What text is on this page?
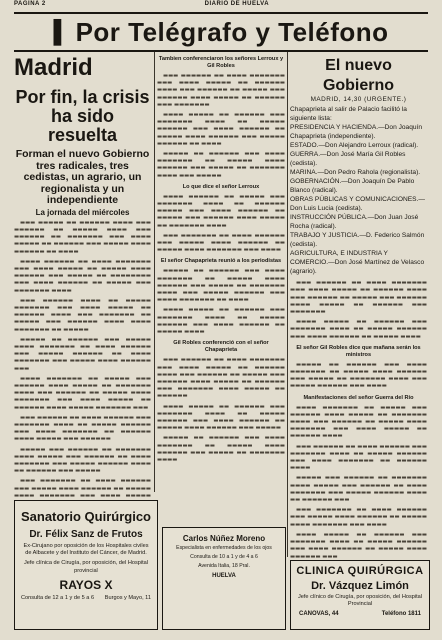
PAGINA 2	DIARIO DE HUELVA
▌ Por Telégrafo y Teléfono
Madrid
Por fin, la crisis ha sido resuelta
Forman el nuevo Gobierno tres radicales, tres cedistas, un agrario, un regionalista y un independiente
La jornada del miércoles

▬▬▬ ▬▬▬▬▬ ▬▬ ▬▬▬▬▬▬ ▬▬▬▬ ▬▬▬ ▬▬▬▬▬▬ ▬▬ ▬▬▬▬▬ ▬▬▬▬ ▬▬▬ ▬▬▬▬▬▬ ▬▬ ▬▬▬▬▬▬▬ ▬▬▬ ▬▬▬▬ ▬▬▬▬▬ ▬▬ ▬▬▬▬▬▬ ▬▬▬ ▬▬▬▬▬ ▬▬▬▬ ▬▬▬▬▬▬ ▬▬ ▬▬▬▬

▬▬▬▬ ▬▬▬▬▬▬ ▬▬ ▬▬▬▬ ▬▬▬▬▬▬▬ ▬▬▬ ▬▬▬▬ ▬▬▬▬▬ ▬▬ ▬▬▬▬▬ ▬▬▬▬ ▬▬▬▬▬▬ ▬▬▬ ▬▬▬▬▬ ▬▬ ▬▬▬▬▬▬▬▬ ▬▬▬ ▬▬▬▬ ▬▬▬▬▬▬ ▬▬ ▬▬▬▬▬ ▬▬▬ ▬▬▬▬▬▬▬ ▬▬▬▬

▬▬▬ ▬▬▬▬▬▬ ▬▬▬▬ ▬▬ ▬▬▬▬▬ ▬▬▬▬▬▬▬ ▬▬▬ ▬▬▬▬ ▬▬▬▬▬ ▬▬ ▬▬▬▬▬▬ ▬▬▬▬ ▬▬▬ ▬▬▬▬▬▬▬ ▬▬ ▬▬▬▬▬ ▬▬▬ ▬▬▬▬▬▬ ▬▬▬▬ ▬▬▬▬ ▬▬▬▬▬▬▬ ▬▬ ▬▬▬▬▬

▬▬▬▬▬ ▬▬ ▬▬▬▬▬▬ ▬▬▬ ▬▬▬▬▬ ▬▬▬▬ ▬▬▬▬▬▬▬ ▬▬ ▬▬▬▬ ▬▬▬▬▬▬ ▬▬▬ ▬▬▬▬▬ ▬▬▬▬▬▬ ▬▬ ▬▬▬▬ ▬▬▬▬▬▬▬ ▬▬▬ ▬▬▬▬▬ ▬▬▬▬ ▬▬▬▬▬▬ ▬▬▬

▬▬▬▬ ▬▬▬▬▬▬▬ ▬▬ ▬▬▬▬▬ ▬▬▬ ▬▬▬▬▬▬ ▬▬▬▬ ▬▬▬▬▬ ▬▬ ▬▬▬▬▬▬▬ ▬▬▬▬ ▬▬▬ ▬▬▬▬▬▬ ▬▬ ▬▬▬▬▬ ▬▬▬▬ ▬▬▬▬▬▬▬ ▬▬▬ ▬▬▬▬ ▬▬▬▬▬ ▬▬ ▬▬▬▬▬▬ ▬▬▬▬ ▬▬▬▬▬ ▬▬▬▬▬▬▬ ▬▬▬

▬▬▬ ▬▬▬▬▬▬ ▬▬ ▬▬▬▬ ▬▬▬▬▬▬ ▬▬▬ ▬▬▬▬▬▬▬ ▬▬▬▬ ▬▬ ▬▬▬▬▬ ▬▬▬▬▬▬ ▬▬▬ ▬▬▬▬ ▬▬▬▬▬▬▬ ▬▬ ▬▬▬▬▬▬ ▬▬▬▬ ▬▬▬▬▬ ▬▬▬ ▬▬▬▬▬▬

▬▬▬▬▬ ▬▬▬ ▬▬▬▬▬▬ ▬▬ ▬▬▬▬▬▬▬ ▬▬▬▬ ▬▬▬▬▬ ▬▬▬ ▬▬▬▬▬▬ ▬▬ ▬▬▬▬ ▬▬▬▬▬▬▬ ▬▬▬ ▬▬▬▬▬ ▬▬▬▬▬▬ ▬▬▬▬ ▬▬ ▬▬▬▬▬▬ ▬▬▬ ▬▬▬▬▬

▬▬▬ ▬▬▬▬▬▬▬ ▬▬ ▬▬▬▬ ▬▬▬▬▬▬ ▬▬▬ ▬▬▬▬▬ ▬▬▬▬ ▬▬▬▬▬▬ ▬▬ ▬▬▬▬▬ ▬▬▬▬ ▬▬▬▬▬▬▬ ▬▬▬ ▬▬▬▬ ▬▬▬▬▬

Tambien conferenciaron los señores Lerroux y Gil Robles

▬▬▬ ▬▬▬▬▬▬ ▬▬ ▬▬▬▬ ▬▬▬▬▬▬▬ ▬▬▬ ▬▬▬▬ ▬▬▬▬▬ ▬▬ ▬▬▬▬▬▬ ▬▬▬▬ ▬▬▬ ▬▬▬▬▬▬ ▬▬ ▬▬▬▬▬ ▬▬▬ ▬▬▬▬▬▬ ▬▬▬▬ ▬▬▬▬▬ ▬▬ ▬▬▬▬▬▬ ▬▬▬ ▬▬▬▬▬▬▬

▬▬▬▬ ▬▬▬▬▬ ▬▬ ▬▬▬▬▬▬ ▬▬▬ ▬▬▬▬▬▬▬ ▬▬▬▬ ▬▬ ▬▬▬▬▬ ▬▬▬▬▬▬ ▬▬▬ ▬▬▬▬ ▬▬▬▬▬▬ ▬▬ ▬▬▬▬▬ ▬▬▬▬ ▬▬▬▬▬▬ ▬▬▬ ▬▬▬▬▬ ▬▬▬▬▬▬ ▬▬ ▬▬▬▬

▬▬▬▬▬ ▬▬ ▬▬▬▬▬▬ ▬▬▬ ▬▬▬▬ ▬▬▬▬▬▬▬ ▬▬ ▬▬▬▬▬ ▬▬▬▬ ▬▬▬▬▬▬ ▬▬▬ ▬▬▬▬▬ ▬▬ ▬▬▬▬▬▬▬ ▬▬▬▬ ▬▬▬ ▬▬▬▬▬

Lo que dice el señor Lerroux

▬▬▬▬ ▬▬▬▬▬▬ ▬▬ ▬▬▬▬▬ ▬▬▬ ▬▬▬▬▬▬▬ ▬▬▬▬ ▬▬ ▬▬▬▬▬▬ ▬▬▬▬▬ ▬▬▬ ▬▬▬▬ ▬▬▬▬▬▬ ▬▬ ▬▬▬▬▬ ▬▬▬ ▬▬▬▬▬▬ ▬▬▬▬ ▬▬▬▬▬ ▬▬ ▬▬▬▬▬▬▬ ▬▬▬▬

▬▬▬ ▬▬▬▬▬▬▬ ▬▬ ▬▬▬▬ ▬▬▬▬▬▬ ▬▬▬ ▬▬▬▬▬ ▬▬▬▬ ▬▬▬▬▬▬ ▬▬ ▬▬▬▬▬ ▬▬▬▬ ▬▬▬▬▬▬▬ ▬▬▬ ▬▬▬▬

El señor Chapaprieta reunió a los periodistas

▬▬▬▬▬ ▬▬ ▬▬▬▬▬▬ ▬▬▬ ▬▬▬▬ ▬▬▬▬▬▬▬ ▬▬ ▬▬▬▬▬ ▬▬▬▬ ▬▬▬▬▬▬ ▬▬▬ ▬▬▬▬▬ ▬▬ ▬▬▬▬▬▬▬ ▬▬▬▬ ▬▬▬ ▬▬▬▬▬ ▬▬▬▬▬▬ ▬▬▬ ▬▬▬▬ ▬▬▬▬▬▬▬ ▬▬ ▬▬▬▬

▬▬▬▬ ▬▬▬▬▬ ▬▬ ▬▬▬▬▬▬ ▬▬▬ ▬▬▬▬▬▬▬ ▬▬▬▬ ▬▬ ▬▬▬▬▬ ▬▬▬▬▬▬ ▬▬▬ ▬▬▬▬ ▬▬▬▬▬▬ ▬▬ ▬▬▬▬▬ ▬▬▬▬

Gil Robles conferenció con el señor Chapaprieta

▬▬▬ ▬▬▬▬▬▬ ▬▬ ▬▬▬▬ ▬▬▬▬▬▬▬ ▬▬▬ ▬▬▬▬ ▬▬▬▬▬ ▬▬ ▬▬▬▬▬▬ ▬▬▬▬ ▬▬▬ ▬▬▬▬▬▬ ▬▬ ▬▬▬▬▬ ▬▬▬ ▬▬▬▬▬▬ ▬▬▬▬ ▬▬▬▬▬ ▬▬ ▬▬▬▬▬▬ ▬▬▬ ▬▬▬▬▬▬▬ ▬▬▬▬ ▬▬▬▬▬ ▬▬ ▬▬▬▬▬▬

▬▬▬▬ ▬▬▬▬▬ ▬▬ ▬▬▬▬▬▬ ▬▬▬ ▬▬▬▬▬▬▬ ▬▬▬▬ ▬▬ ▬▬▬▬▬ ▬▬▬▬▬▬ ▬▬▬ ▬▬▬▬ ▬▬▬▬▬▬ ▬▬ ▬▬▬▬▬ ▬▬▬▬ ▬▬▬▬▬▬ ▬▬▬ ▬▬▬▬▬

▬▬▬▬▬ ▬▬ ▬▬▬▬▬▬ ▬▬▬ ▬▬▬▬ ▬▬▬▬▬▬▬ ▬▬ ▬▬▬▬▬ ▬▬▬▬ ▬▬▬▬▬▬ ▬▬▬ ▬▬▬▬▬ ▬▬ ▬▬▬▬▬▬▬ ▬▬▬▬

El nuevo Gobierno
MADRID, 14,30 (URGENTE.)

Chapaprieta al salir de Palacio facilitó la siguiente lista:

PRESIDENCIA Y HACIENDA.—Don Joaquín Chapaprieta (independiente).

ESTADO.—Don Alejandro Lerroux (radical).

GUERRA.—Don José María Gil Robles (cedista).

MARINA.—Don Pedro Rahola (regionalista).

GOBERNACIÓN.—Don Joaquín De Pablo Blanco (radical).

OBRAS PÚBLICAS Y COMUNICACIONES.—Don Luis Lucia (cedista).

INSTRUCCIÓN PÚBLICA.—Don Juan José Rocha (radical).

TRABAJO Y JUSTICIA.—D. Federico Salmón (cedista).

AGRICULTURA, E INDUSTRIA Y COMERCIO.—Don José Martínez de Velasco (agrario).

▬▬▬ ▬▬▬▬▬▬ ▬▬ ▬▬▬▬ ▬▬▬▬▬▬▬ ▬▬▬ ▬▬▬▬ ▬▬▬▬▬ ▬▬ ▬▬▬▬▬▬ ▬▬▬▬ ▬▬▬ ▬▬▬▬▬▬ ▬▬ ▬▬▬▬▬ ▬▬▬ ▬▬▬▬▬▬ ▬▬▬▬ ▬▬▬▬▬ ▬▬ ▬▬▬▬▬▬ ▬▬▬ ▬▬▬▬▬▬▬

▬▬▬▬ ▬▬▬▬▬ ▬▬ ▬▬▬▬▬▬ ▬▬▬ ▬▬▬▬▬▬▬ ▬▬▬▬ ▬▬ ▬▬▬▬▬ ▬▬▬▬▬▬ ▬▬▬ ▬▬▬▬ ▬▬▬▬▬▬ ▬▬ ▬▬▬▬▬ ▬▬▬▬

El señor Gil Robles dice que mañana serán los ministros

▬▬▬▬▬ ▬▬ ▬▬▬▬▬▬ ▬▬▬ ▬▬▬▬ ▬▬▬▬▬▬▬ ▬▬ ▬▬▬▬▬ ▬▬▬▬ ▬▬▬▬▬▬ ▬▬▬ ▬▬▬▬▬ ▬▬ ▬▬▬▬▬▬▬ ▬▬▬▬ ▬▬▬ ▬▬▬▬▬ ▬▬▬▬▬▬ ▬▬▬ ▬▬▬▬

Manifestaciones del señor Guerra del Río

▬▬▬▬ ▬▬▬▬▬▬▬ ▬▬ ▬▬▬▬▬ ▬▬▬ ▬▬▬▬▬▬ ▬▬▬▬ ▬▬▬▬▬ ▬▬ ▬▬▬▬▬▬▬ ▬▬▬▬ ▬▬▬ ▬▬▬▬▬▬ ▬▬ ▬▬▬▬▬ ▬▬▬▬ ▬▬▬▬▬▬▬ ▬▬▬ ▬▬▬▬ ▬▬▬▬▬ ▬▬ ▬▬▬▬▬▬ ▬▬▬▬

▬▬▬ ▬▬▬▬▬▬ ▬▬ ▬▬▬▬ ▬▬▬▬▬▬ ▬▬▬ ▬▬▬▬▬▬▬ ▬▬▬▬ ▬▬ ▬▬▬▬▬ ▬▬▬▬▬▬ ▬▬▬ ▬▬▬▬ ▬▬▬▬▬▬▬ ▬▬ ▬▬▬▬▬▬ ▬▬▬▬

▬▬▬▬▬ ▬▬▬ ▬▬▬▬▬▬ ▬▬ ▬▬▬▬▬▬▬ ▬▬▬▬ ▬▬▬▬▬ ▬▬▬ ▬▬▬▬▬▬ ▬▬ ▬▬▬▬ ▬▬▬▬▬▬▬ ▬▬▬ ▬▬▬▬▬ ▬▬▬▬▬▬ ▬▬▬▬ ▬▬ ▬▬▬▬▬▬ ▬▬▬

▬▬▬ ▬▬▬▬▬▬▬ ▬▬ ▬▬▬▬ ▬▬▬▬▬▬ ▬▬▬ ▬▬▬▬▬ ▬▬▬▬ ▬▬▬▬▬▬ ▬▬ ▬▬▬▬▬ ▬▬▬▬ ▬▬▬▬▬▬▬ ▬▬▬ ▬▬▬▬

▬▬▬▬ ▬▬▬▬▬ ▬▬ ▬▬▬▬▬▬ ▬▬▬ ▬▬▬▬▬▬▬ ▬▬▬▬ ▬▬ ▬▬▬▬▬ ▬▬▬▬▬▬ ▬▬▬ ▬▬▬▬ ▬▬▬▬▬▬ ▬▬ ▬▬▬▬▬ ▬▬▬▬ ▬▬▬▬▬▬ ▬▬▬

Sanatorio Quirúrgico
Dr. Félix Sanz de Frutos
Ex-Cirujano por oposición de los Hospitales civiles de Albacete y del Instituto del Cáncer, de Madrid.
Jefe clínica de Cirugía, por oposición, del Hospital provincial
RAYOS X
Consulta de 12 a 1 y de 5 a 6 Burgos y Mayo, 11
Carlos Núñez Moreno
Especialista en enfermedades de los ojos
Consulta de 10 a 1 y de 4 a 6
Avenida Italia, 18 Pral.
HUELVA	CLINICA QUIRÚRGICA
Dr. Vázquez Limón
Jefe clínico de Cirugía, por oposición, del Hospital Provincial
CANOVAS, 44	Teléfono 1811
